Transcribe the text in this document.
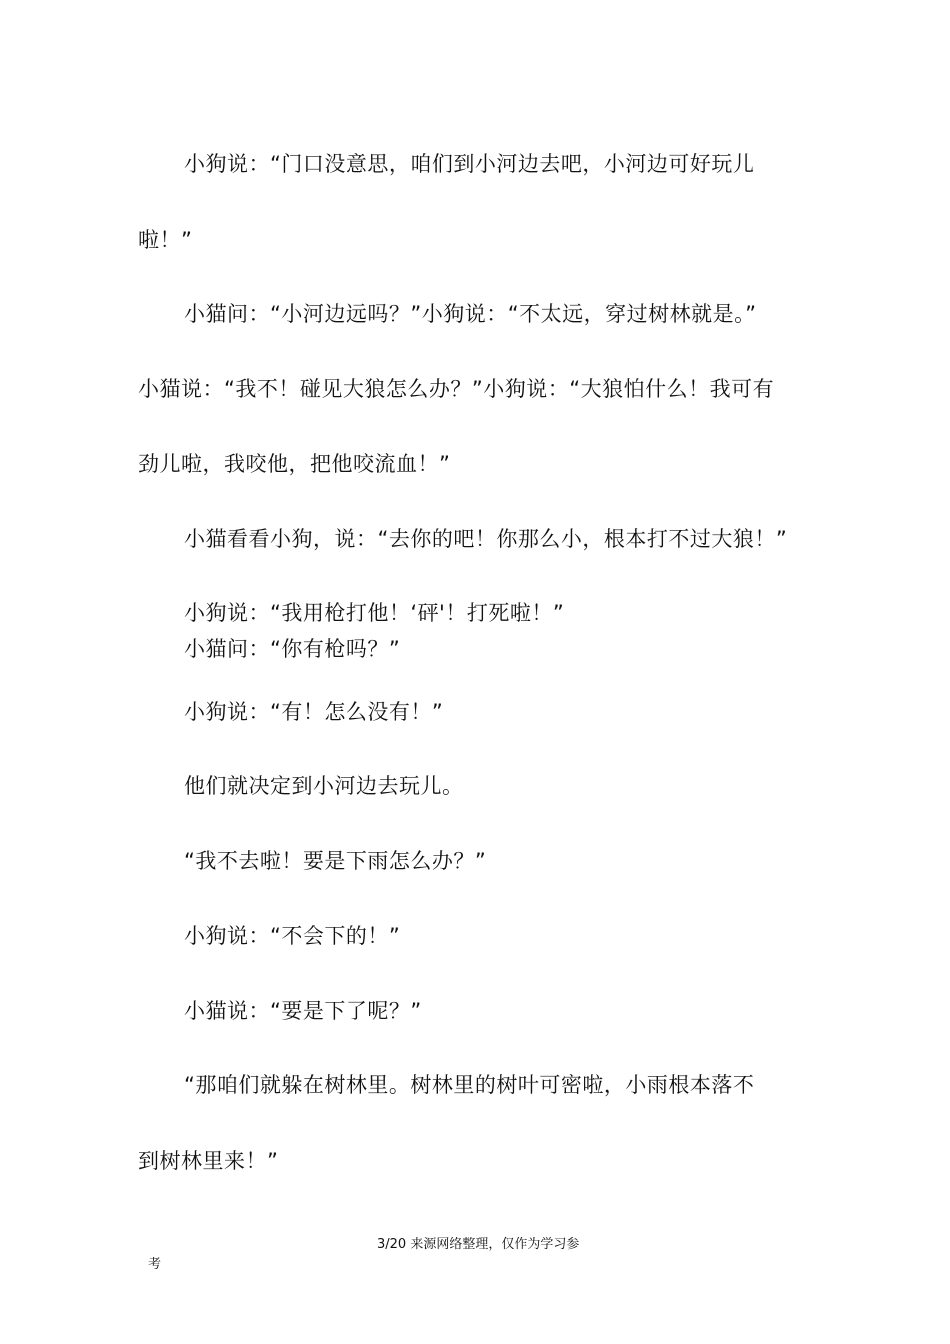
小狗说：“门口没意思，咱们到小河边去吧，小河边可好玩儿
啦！”
小猫问：“小河边远吗？”小狗说：“不太远，穿过树林就是。”
小猫说：“我不！碰见大狼怎么办？”小狗说：“大狼怕什么！我可有
劲儿啦，我咬他，把他咬流血！”
小猫看看小狗，说：“去你的吧！你那么小，根本打不过大狼！”
小狗说：“我用枪打他！‘砰'！打死啦！”
小猫问：“你有枪吗？”
小狗说：“有！怎么没有！”
他们就决定到小河边去玩儿。
“我不去啦！要是下雨怎么办？”
小狗说：“不会下的！”
小猫说：“要是下了呢？”
“那咱们就躲在树林里。树林里的树叶可密啦，小雨根本落不
到树林里来！”
3/20 来源网络整理，仅作为学习参
考
